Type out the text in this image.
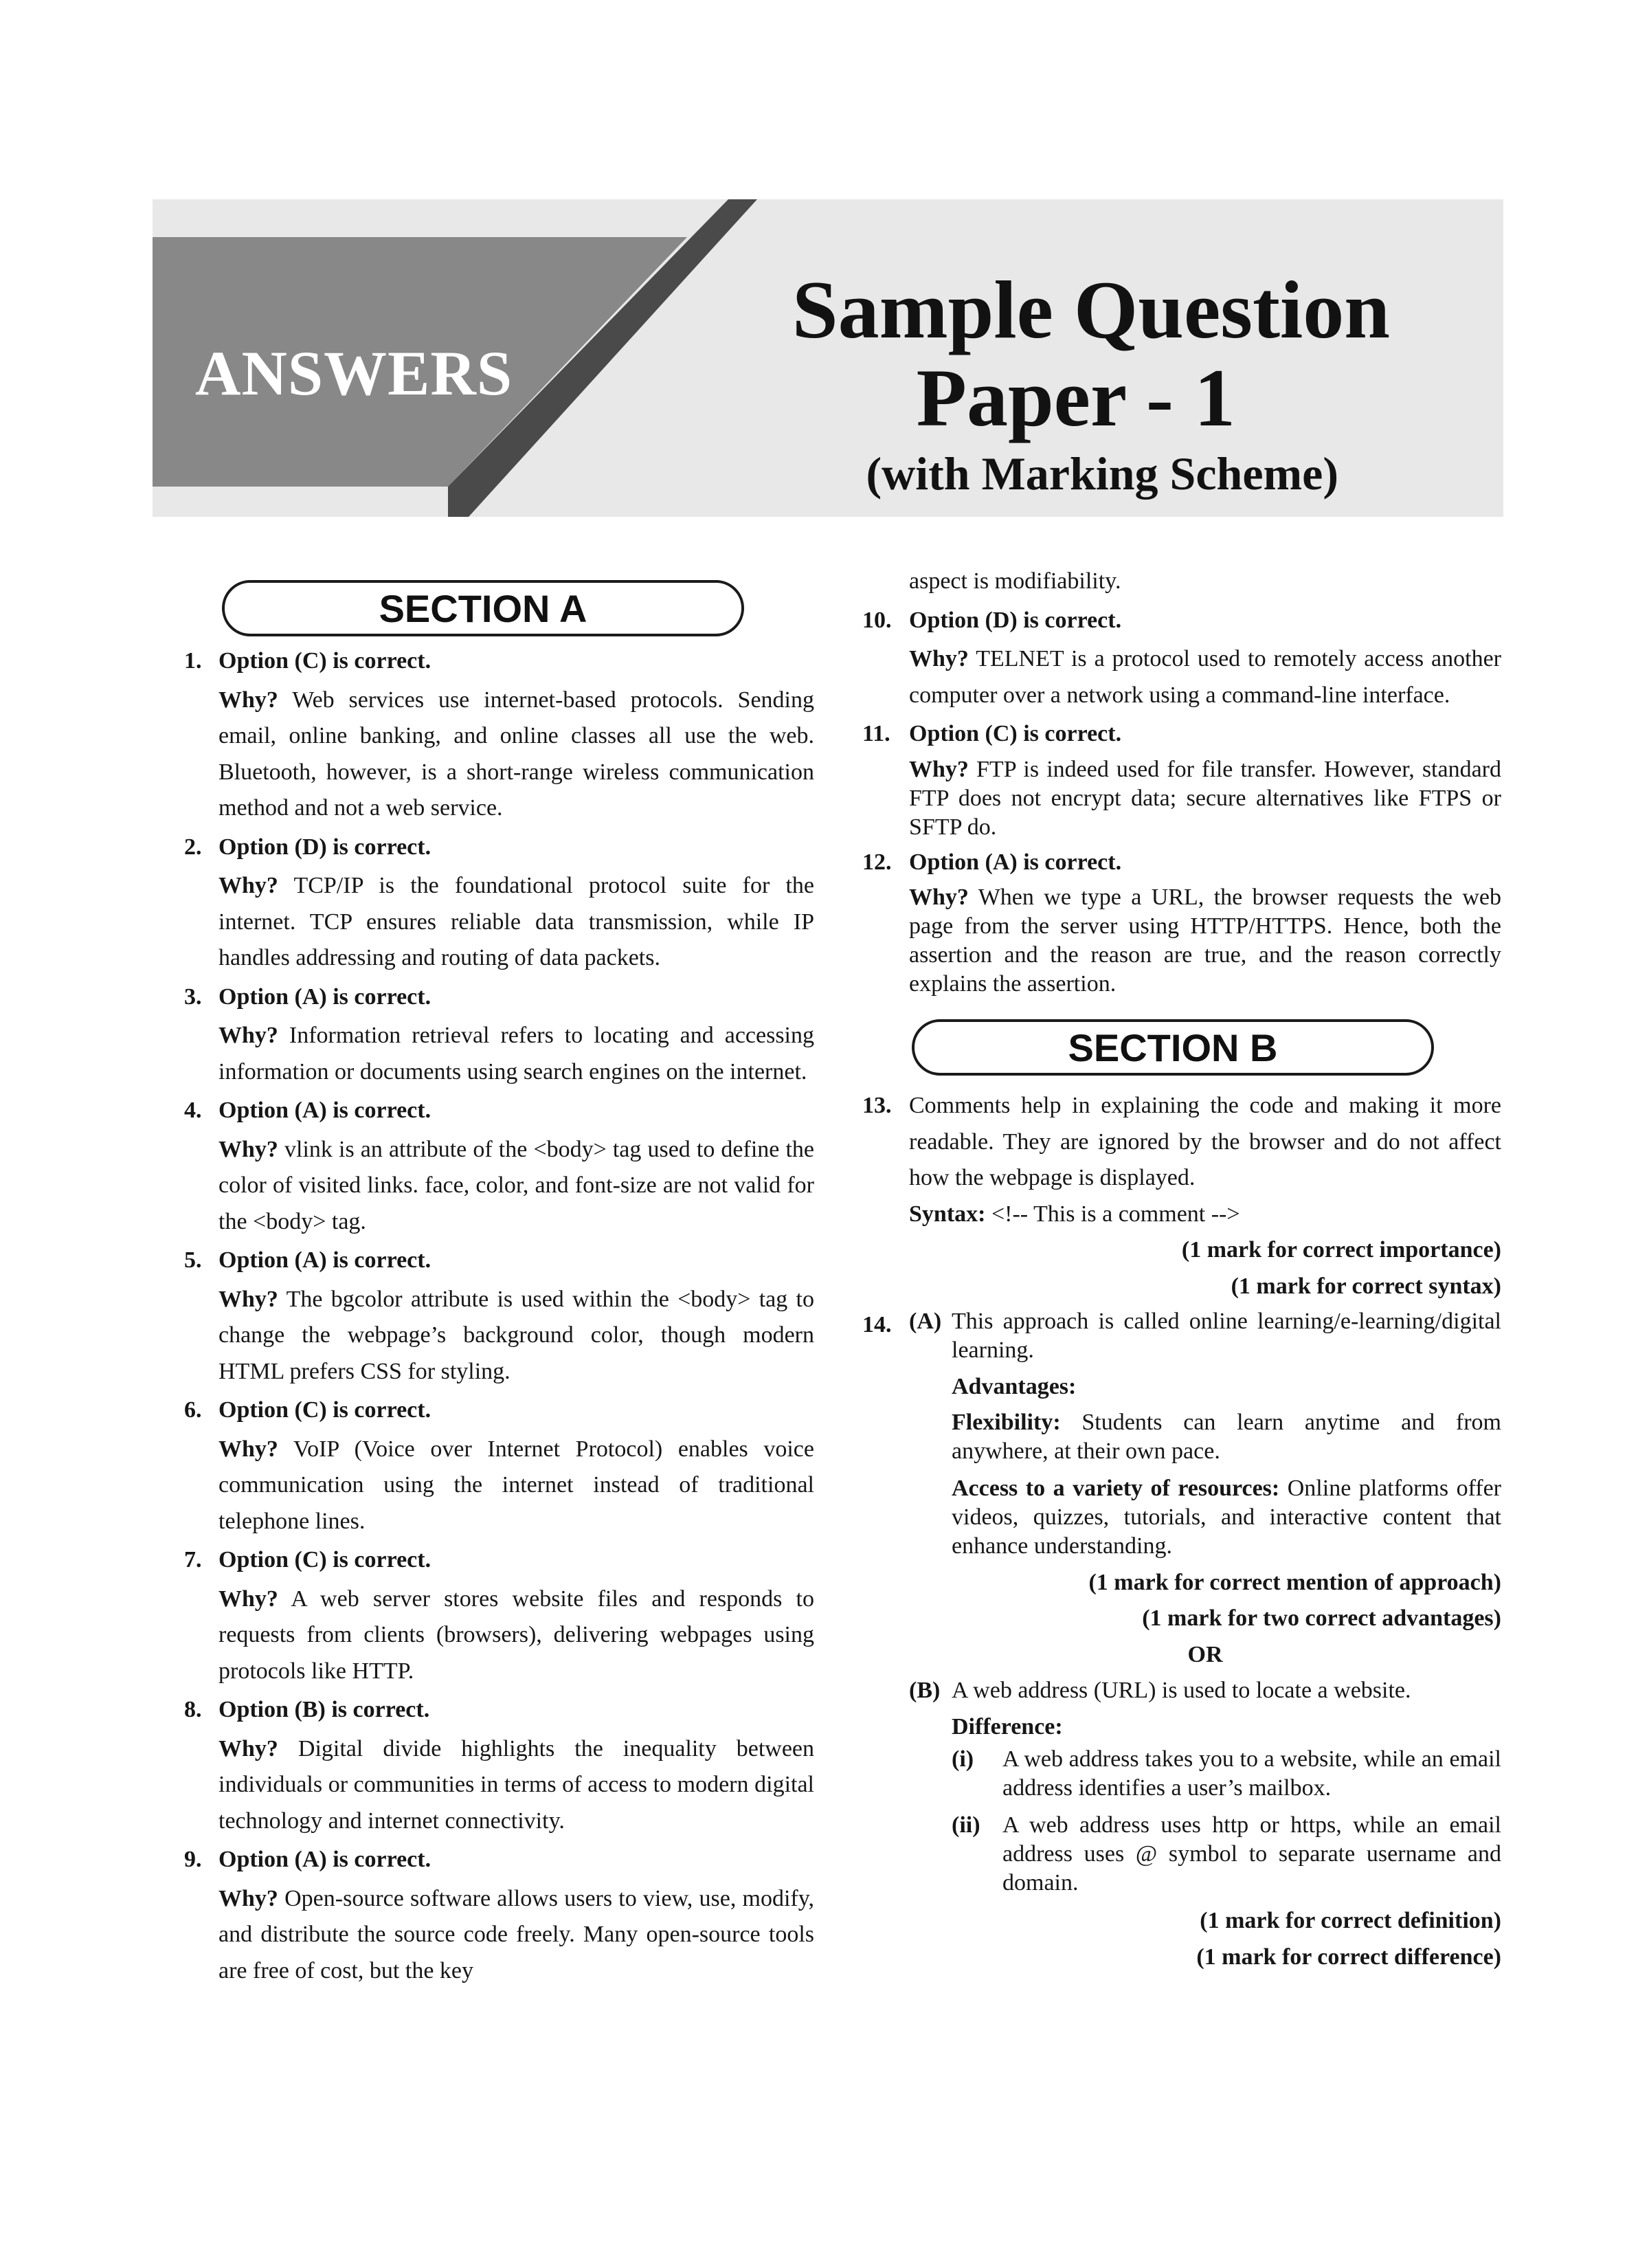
ANSWERS
Sample Question
Paper - 1
(with Marking Scheme)
SECTION A
1. Option (C) is correct.
Why? Web services use internet-based protocols. Sending email, online banking, and online classes all use the web. Bluetooth, however, is a short-range wireless communication method and not a web service.
2. Option (D) is correct.
Why? TCP/IP is the foundational protocol suite for the internet. TCP ensures reliable data transmission, while IP handles addressing and routing of data packets.
3. Option (A) is correct.
Why? Information retrieval refers to locating and accessing information or documents using search engines on the internet.
4. Option (A) is correct.
Why? vlink is an attribute of the <body> tag used to define the color of visited links. face, color, and font-size are not valid for the <body> tag.
5. Option (A) is correct.
Why? The bgcolor attribute is used within the <body> tag to change the webpage’s background color, though modern HTML prefers CSS for styling.
6. Option (C) is correct.
Why? VoIP (Voice over Internet Protocol) enables voice communication using the internet instead of traditional telephone lines.
7. Option (C) is correct.
Why? A web server stores website files and responds to requests from clients (browsers), delivering webpages using protocols like HTTP.
8. Option (B) is correct.
Why? Digital divide highlights the inequality between individuals or communities in terms of access to modern digital technology and internet connectivity.
9. Option (A) is correct.
Why? Open-source software allows users to view, use, modify, and distribute the source code freely. Many open-source tools are free of cost, but the key
aspect is modifiability.
10. Option (D) is correct.
Why? TELNET is a protocol used to remotely access another computer over a network using a command-line interface.
11. Option (C) is correct.
Why? FTP is indeed used for file transfer. However, standard FTP does not encrypt data; secure alternatives like FTPS or SFTP do.
12. Option (A) is correct.
Why? When we type a URL, the browser requests the web page from the server using HTTP/HTTPS. Hence, both the assertion and the reason are true, and the reason correctly explains the assertion.
SECTION B
13. Comments help in explaining the code and making it more readable. They are ignored by the browser and do not affect how the webpage is displayed.
Syntax: <!-- This is a comment -->
(1 mark for correct importance)
(1 mark for correct syntax)
14. (A) This approach is called online learning/e-learning/digital learning.
Advantages:
Flexibility: Students can learn anytime and from anywhere, at their own pace.
Access to a variety of resources: Online platforms offer videos, quizzes, tutorials, and interactive content that enhance understanding.
(1 mark for correct mention of approach)
(1 mark for two correct advantages)
OR
(B) A web address (URL) is used to locate a website.
Difference:
(i) A web address takes you to a website, while an email address identifies a user’s mailbox.
(ii) A web address uses http or https, while an email address uses @ symbol to separate username and domain.
(1 mark for correct definition)
(1 mark for correct difference)
